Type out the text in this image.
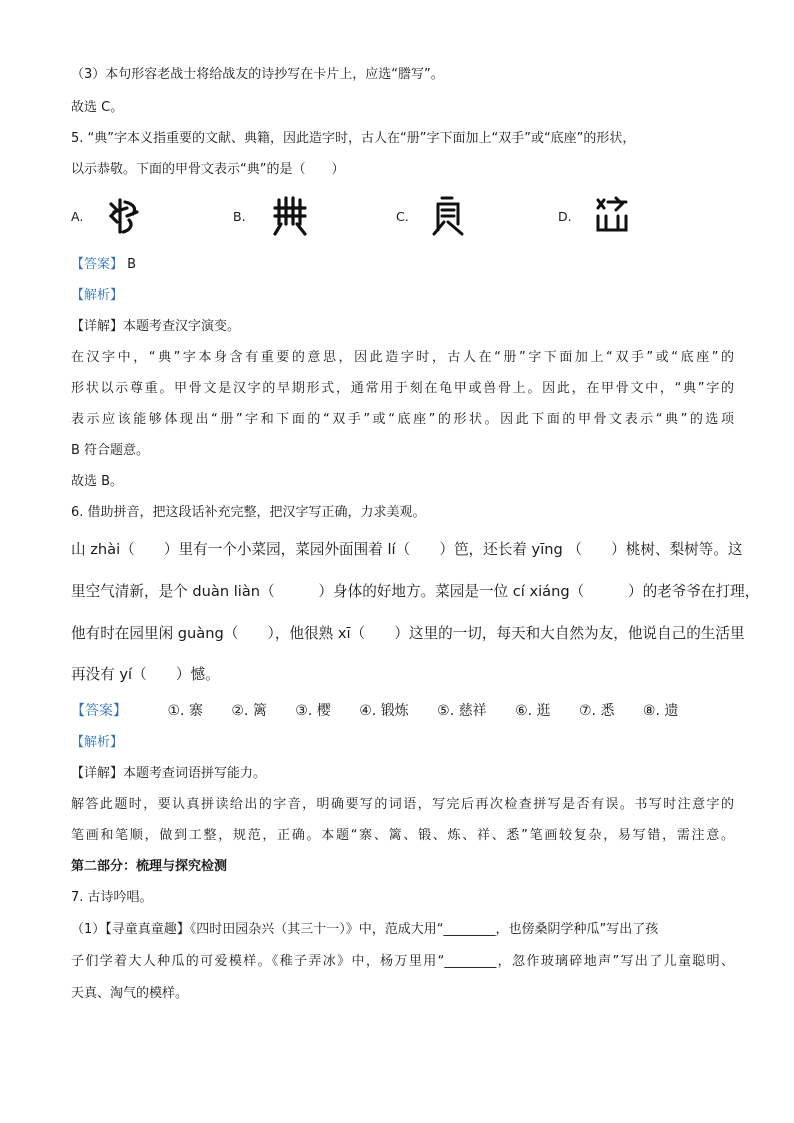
（3）本句形容老战士将给战友的诗抄写在卡片上，应选“謄写”。
故选 C。
5. “典”字本义指重要的文献、典籍，因此造字时，古人在“册”字下面加上“双手”或“底座”的形状，
以示恭敬。下面的甲骨文表示“典”的是（　　）
A.	B.	C.	D.
【答案】 B
【解析】
【详解】本题考查汉字演变。
在汉字中，“典”字本身含有重要的意思，因此造字时，古人在“册”字下面加上“双手”或“底座”的
形状以示尊重。甲骨文是汉字的早期形式，通常用于刻在龟甲或兽骨上。因此，在甲骨文中，“典”字的
表示应该能够体现出“册”字和下面的“双手”或“底座”的形状。因此下面的甲骨文表示“典”的选项
B 符合题意。
故选 B。
6. 借助拼音，把这段话补充完整，把汉字写正确，力求美观。
山 zhài（　　）里有一个小菜园，菜园外面围着 lí（　　）笆，还长着 yīng （　　）桃树、梨树等。这
里空气清新，是个 duàn liàn（　　　）身体的好地方。菜园是一位 cí xiáng（　　　）的老爷爷在打理，
他有时在园里闲 guàng（　　），他很熟 xī（　　）这里的一切，每天和大自然为友，他说自己的生活里
再没有 yí（　　）憾。
【答案】	①. 寨 ②. 篱 ③. 樱 ④. 锻炼 ⑤. 慈祥 ⑥. 逛 ⑦. 悉 ⑧. 遗
【解析】
【详解】本题考查词语拼写能力。
解答此题时，要认真拼读给出的字音，明确要写的词语，写完后再次检查拼写是否有误。书写时注意字的
笔画和笔顺，做到工整，规范，正确。本题“寨、篱、锻、炼、祥、悉”笔画较复杂，易写错，需注意。
第二部分：梳理与探究检测
7. 古诗吟唱。
（1）【寻童真童趣】《四时田园杂兴（其三十一）》中，范成大用“________，也傍桑阴学种瓜”写出了孩
子们学着大人种瓜的可爱模样。《稚子弄冰》中，杨万里用“________，忽作玻璃碎地声”写出了儿童聪明、
天真、淘气的模样。
